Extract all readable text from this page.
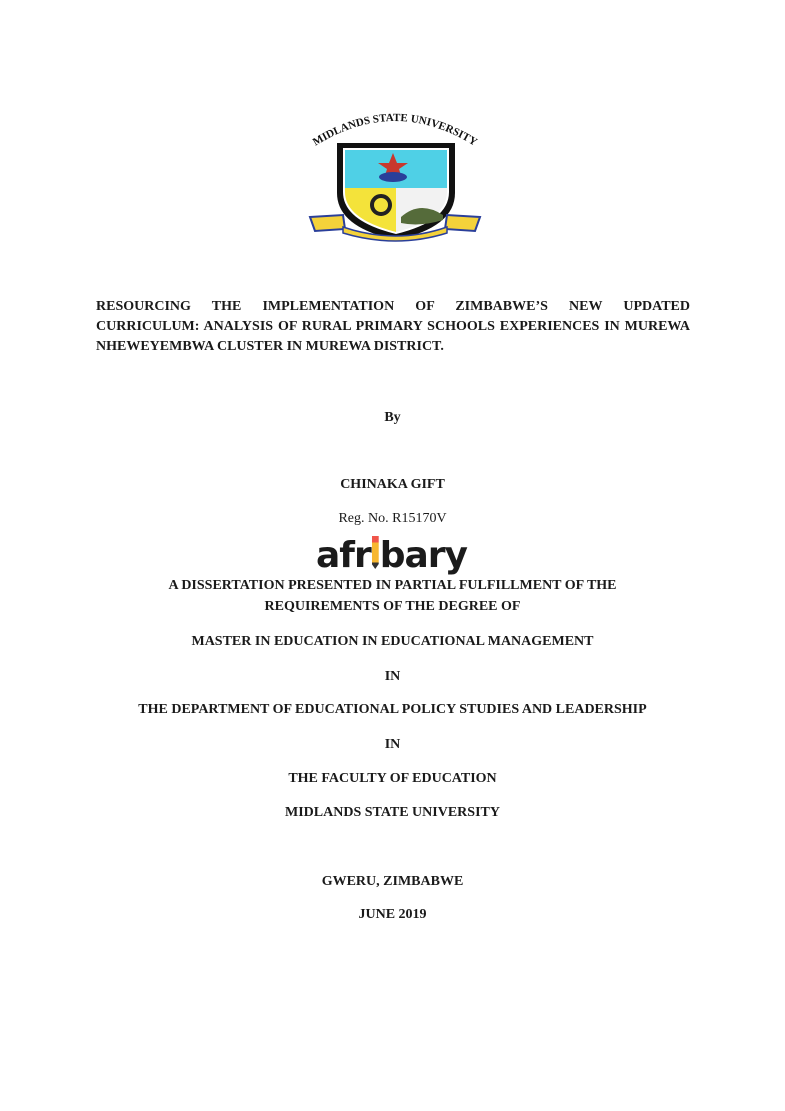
MIDLANDS STATE UNIVERSITY
RESOURCING THE IMPLEMENTATION OF ZIMBABWE’S NEW UPDATED CURRICULUM: ANALYSIS OF RURAL PRIMARY SCHOOLS EXPERIENCES IN MUREWA NHEWEYEMBWA CLUSTER IN MUREWA DISTRICT.
By
CHINAKA GIFT
Reg. No. R15170V
afr bary
A DISSERTATION PRESENTED IN PARTIAL FULFILLMENT OF THE
REQUIREMENTS OF THE DEGREE OF
MASTER IN EDUCATION IN EDUCATIONAL MANAGEMENT
IN
THE DEPARTMENT OF EDUCATIONAL POLICY STUDIES AND LEADERSHIP
IN
THE FACULTY OF EDUCATION
MIDLANDS STATE UNIVERSITY
GWERU, ZIMBABWE
JUNE 2019
